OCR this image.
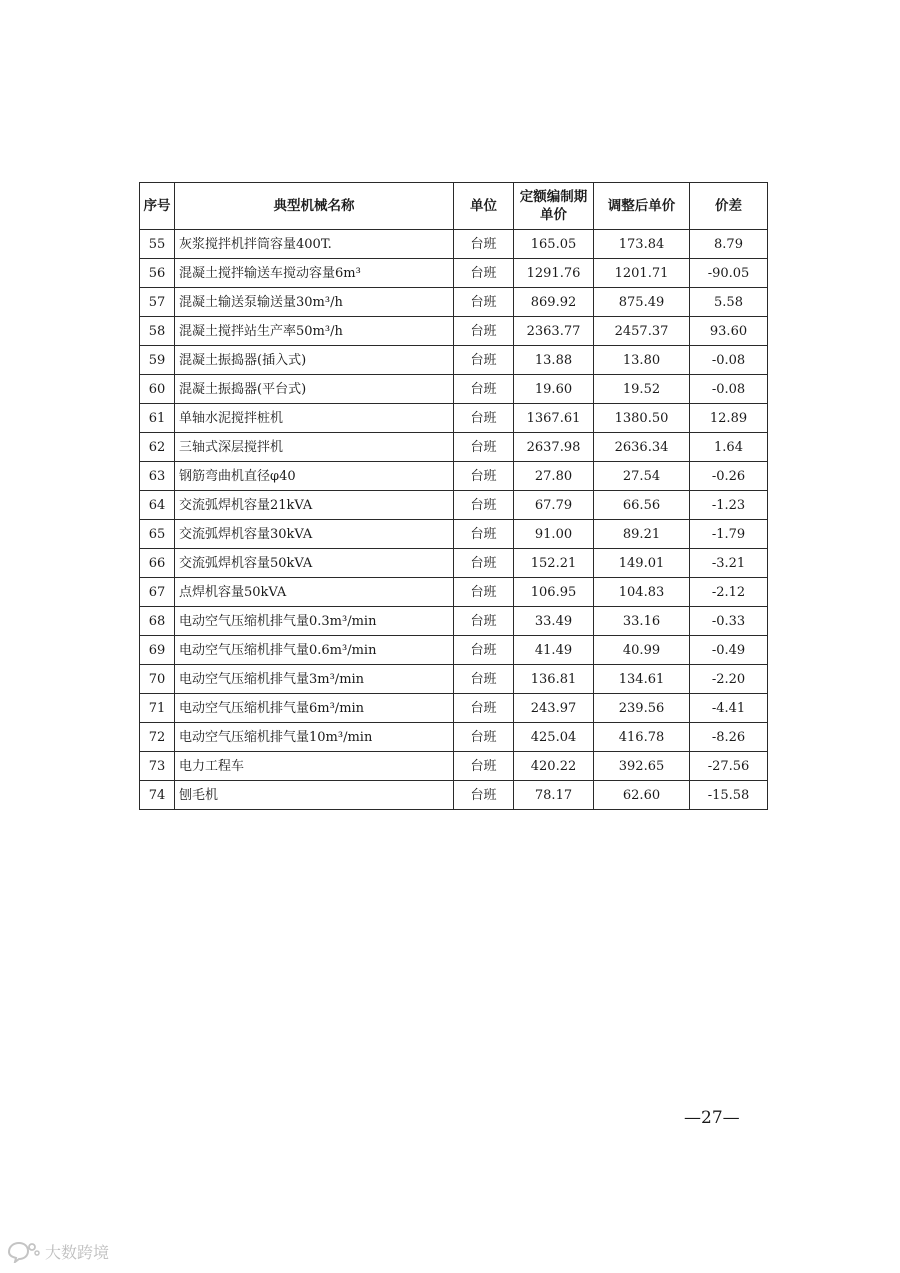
序号	典型机械名称	单位	定额编制期单价	调整后单价	价差
55	灰浆搅拌机拌筒容量400T.	台班	165.05	173.84	8.79
56	混凝土搅拌输送车搅动容量6m³	台班	1291.76	1201.71	-90.05
57	混凝土输送泵输送量30m³/h	台班	869.92	875.49	5.58
58	混凝土搅拌站生产率50m³/h	台班	2363.77	2457.37	93.60
59	混凝土振捣器(插入式)	台班	13.88	13.80	-0.08
60	混凝土振捣器(平台式)	台班	19.60	19.52	-0.08
61	单轴水泥搅拌桩机	台班	1367.61	1380.50	12.89
62	三轴式深层搅拌机	台班	2637.98	2636.34	1.64
63	钢筋弯曲机直径φ40	台班	27.80	27.54	-0.26
64	交流弧焊机容量21kVA	台班	67.79	66.56	-1.23
65	交流弧焊机容量30kVA	台班	91.00	89.21	-1.79
66	交流弧焊机容量50kVA	台班	152.21	149.01	-3.21
67	点焊机容量50kVA	台班	106.95	104.83	-2.12
68	电动空气压缩机排气量0.3m³/min	台班	33.49	33.16	-0.33
69	电动空气压缩机排气量0.6m³/min	台班	41.49	40.99	-0.49
70	电动空气压缩机排气量3m³/min	台班	136.81	134.61	-2.20
71	电动空气压缩机排气量6m³/min	台班	243.97	239.56	-4.41
72	电动空气压缩机排气量10m³/min	台班	425.04	416.78	-8.26
73	电力工程车	台班	420.22	392.65	-27.56
74	刨毛机	台班	78.17	62.60	-15.58
—27—
大数跨境
